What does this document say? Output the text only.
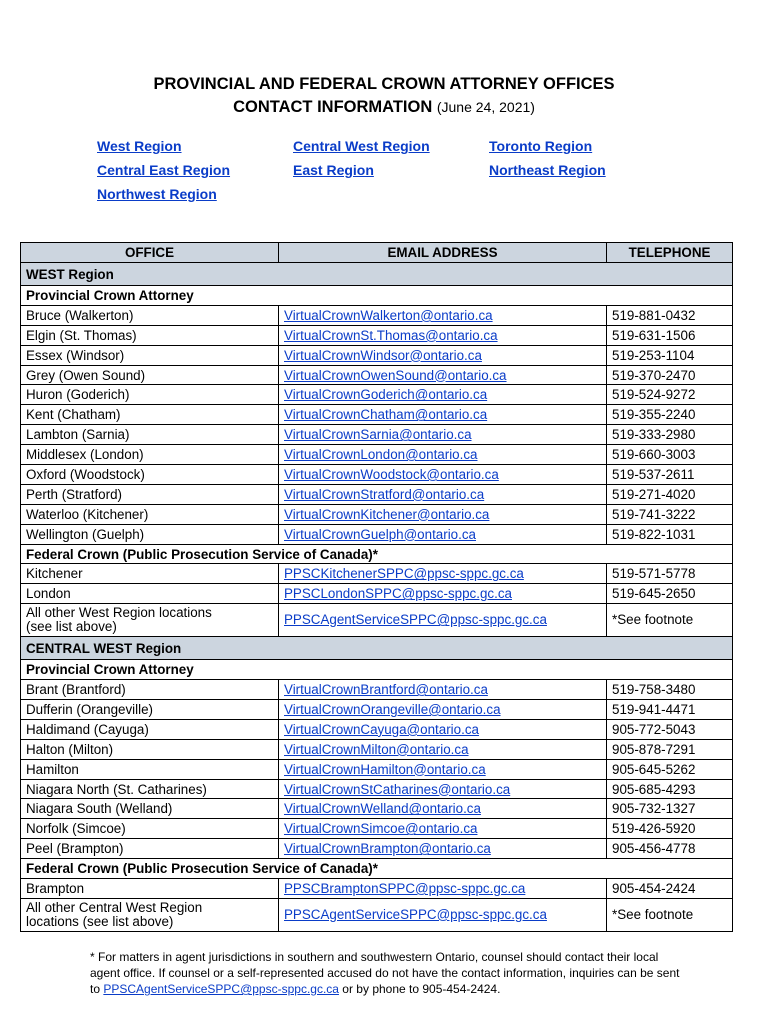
PROVINCIAL AND FEDERAL CROWN ATTORNEY OFFICES
CONTACT INFORMATION (June 24, 2021)
West Region	Central West Region	Toronto Region
Central East Region	East Region	Northeast Region
Northwest Region
OFFICE	EMAIL ADDRESS	TELEPHONE
WEST Region		
Provincial Crown Attorney		
Bruce (Walkerton)	VirtualCrownWalkerton@ontario.ca	519-881-0432
Elgin (St. Thomas)	VirtualCrownSt.Thomas@ontario.ca	519-631-1506
Essex (Windsor)	VirtualCrownWindsor@ontario.ca	519-253-1104
Grey (Owen Sound)	VirtualCrownOwenSound@ontario.ca	519-370-2470
Huron (Goderich)	VirtualCrownGoderich@ontario.ca	519-524-9272
Kent (Chatham)	VirtualCrownChatham@ontario.ca	519-355-2240
Lambton (Sarnia)	VirtualCrownSarnia@ontario.ca	519-333-2980
Middlesex (London)	VirtualCrownLondon@ontario.ca	519-660-3003
Oxford (Woodstock)	VirtualCrownWoodstock@ontario.ca	519-537-2611
Perth (Stratford)	VirtualCrownStratford@ontario.ca	519-271-4020
Waterloo (Kitchener)	VirtualCrownKitchener@ontario.ca	519-741-3222
Wellington (Guelph)	VirtualCrownGuelph@ontario.ca	519-822-1031
Federal Crown (Public Prosecution Service of Canada)*		
Kitchener	PPSCKitchenerSPPC@ppsc-sppc.gc.ca	519-571-5778
London	PPSCLondonSPPC@ppsc-sppc.gc.ca	519-645-2650

All other West Region locations
(see list above)	PPSCAgentServiceSPPC@ppsc-sppc.gc.ca	*See footnote
CENTRAL WEST Region		
Provincial Crown Attorney		
Brant (Brantford)	VirtualCrownBrantford@ontario.ca	519-758-3480
Dufferin (Orangeville)	VirtualCrownOrangeville@ontario.ca	519-941-4471
Haldimand (Cayuga)	VirtualCrownCayuga@ontario.ca	905-772-5043
Halton (Milton)	VirtualCrownMilton@ontario.ca	905-878-7291
Hamilton	VirtualCrownHamilton@ontario.ca	905-645-5262
Niagara North (St. Catharines)	VirtualCrownStCatharines@ontario.ca	905-685-4293
Niagara South (Welland)	VirtualCrownWelland@ontario.ca	905-732-1327
Norfolk (Simcoe)	VirtualCrownSimcoe@ontario.ca	519-426-5920
Peel (Brampton)	VirtualCrownBrampton@ontario.ca	905-456-4778
Federal Crown (Public Prosecution Service of Canada)*		
Brampton	PPSCBramptonSPPC@ppsc-sppc.gc.ca	905-454-2424

All other Central West Region
locations (see list above)	PPSCAgentServiceSPPC@ppsc-sppc.gc.ca	*See footnote
* For matters in agent jurisdictions in southern and southwestern Ontario, counsel should contact their local agent office. If counsel or a self-represented accused do not have the contact information, inquiries can be sent to PPSCAgentServiceSPPC@ppsc-sppc.gc.ca or by phone to 905-454-2424.
